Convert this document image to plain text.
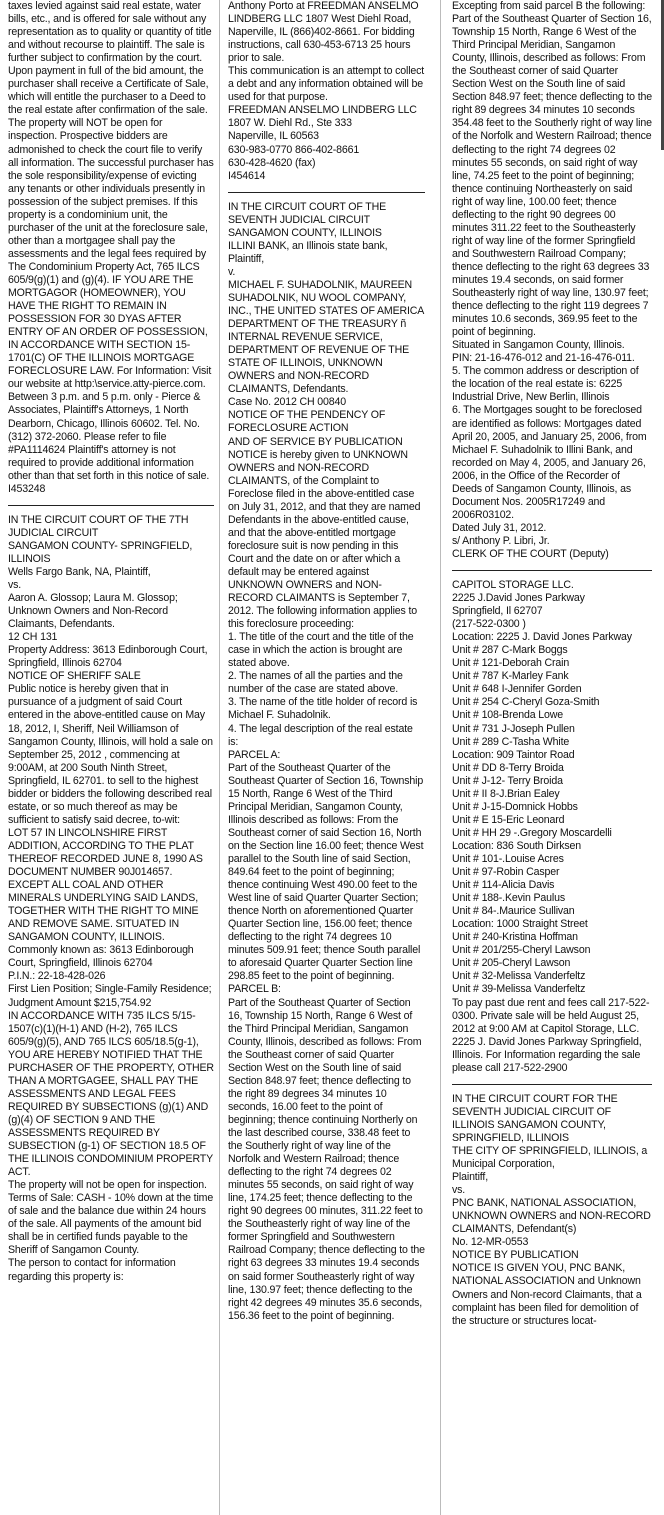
taxes levied against said real estate, water bills, etc., and is offered for sale without any representation as to quality or quantity of title and without recourse to plaintiff. The sale is further subject to confirmation by the court. Upon payment in full of the bid amount, the purchaser shall receive a Certificate of Sale, which will entitle the purchaser to a Deed to the real estate after confirmation of the sale. The property will NOT be open for inspection. Prospective bidders are admonished to check the court file to verify all information. The successful purchaser has the sole responsibility/expense of evicting any tenants or other individuals presently in possession of the subject premises. If this property is a condominium unit, the purchaser of the unit at the foreclosure sale, other than a mortgagee shall pay the assessments and the legal fees required by The Condominium Property Act, 765 ILCS 605/9(g)(1) and (g)(4). IF YOU ARE THE MORTGAGOR (HOMEOWNER), YOU HAVE THE RIGHT TO REMAIN IN POSSESSION FOR 30 DYAS AFTER ENTRY OF AN ORDER OF POSSESSION, IN ACCORDANCE WITH SECTION 15-1701(C) OF THE ILLINOIS MORTGAGE FORECLOSURE LAW. For Information: Visit our website at http:\service.atty-pierce.com. Between 3 p.m. and 5 p.m. only - Pierce & Associates, Plaintiff's Attorneys, 1 North Dearborn, Chicago, Illinois 60602. Tel. No. (312) 372-2060. Please refer to file #PA1114624 Plaintiff's attorney is not required to provide additional information other than that set forth in this notice of sale.

I453248

IN THE CIRCUIT COURT OF THE 7TH JUDICIAL CIRCUIT

SANGAMON COUNTY- SPRINGFIELD, ILLINOIS

Wells Fargo Bank, NA, Plaintiff,

vs.

Aaron A. Glossop; Laura M. Glossop; Unknown Owners and Non-Record Claimants, Defendants.

12 CH 131

Property Address: 3613 Edinborough Court, Springfield, Illinois 62704

NOTICE OF SHERIFF SALE

Public notice is hereby given that in pursuance of a judgment of said Court entered in the above-entitled cause on May 18, 2012, I, Sheriff, Neil Williamson of Sangamon County, Illinois, will hold a sale on September 25, 2012 , commencing at 9:00AM, at 200 South Ninth Street, Springfield, IL 62701. to sell to the highest bidder or bidders the following described real estate, or so much thereof as may be sufficient to satisfy said decree, to-wit:

LOT 57 IN LINCOLNSHIRE FIRST ADDITION, ACCORDING TO THE PLAT THEREOF RECORDED JUNE 8, 1990 AS DOCUMENT NUMBER 90J014657. EXCEPT ALL COAL AND OTHER MINERALS UNDERLYING SAID LANDS, TOGETHER WITH THE RIGHT TO MINE AND REMOVE SAME. SITUATED IN SANGAMON COUNTY, ILLINOIS.

Commonly known as: 3613 Edinborough Court, Springfield, Illinois 62704

P.I.N.: 22-18-428-026

First Lien Position; Single-Family Residence; Judgment Amount $215,754.92

IN ACCORDANCE WITH 735 ILCS 5/15-1507(c)(1)(H-1) AND (H-2), 765 ILCS 605/9(g)(5), AND 765 ILCS 605/18.5(g-1), YOU ARE HEREBY NOTIFIED THAT THE PURCHASER OF THE PROPERTY, OTHER THAN A MORTGAGEE, SHALL PAY THE ASSESSMENTS AND LEGAL FEES REQUIRED BY SUBSECTIONS (g)(1) AND (g)(4) OF SECTION 9 AND THE ASSESSMENTS REQUIRED BY SUBSECTION (g-1) OF SECTION 18.5 OF THE ILLINOIS CONDOMINIUM PROPERTY ACT.

The property will not be open for inspection.

Terms of Sale: CASH - 10% down at the time of sale and the balance due within 24 hours of the sale. All payments of the amount bid shall be in certified funds payable to the Sheriff of Sangamon County.

The person to contact for information regarding this property is:

Anthony Porto at FREEDMAN ANSELMO LINDBERG LLC 1807 West Diehl Road, Naperville, IL (866)402-8661. For bidding instructions, call 630-453-6713 25 hours prior to sale.

This communication is an attempt to collect a debt and any information obtained will be used for that purpose.

FREEDMAN ANSELMO LINDBERG LLC

1807 W. Diehl Rd., Ste 333

Naperville, IL 60563

630-983-0770 866-402-8661

630-428-4620 (fax)

I454614

IN THE CIRCUIT COURT OF THE SEVENTH JUDICIAL CIRCUIT

SANGAMON COUNTY, ILLINOIS

ILLINI BANK, an Illinois state bank, Plaintiff,

v.

MICHAEL F. SUHADOLNIK, MAUREEN SUHADOLNIK, NU WOOL COMPANY, INC., THE UNITED STATES OF AMERICA DEPARTMENT OF THE TREASURY ñ INTERNAL REVENUE SERVICE, DEPARTMENT OF REVENUE OF THE STATE OF ILLINOIS, UNKNOWN OWNERS and NON-RECORD CLAIMANTS, Defendants.

Case No. 2012 CH 00840

NOTICE OF THE PENDENCY OF FORECLOSURE ACTION

AND OF SERVICE BY PUBLICATION

NOTICE is hereby given to UNKNOWN OWNERS and NON-RECORD CLAIMANTS, of the Complaint to Foreclose filed in the above-entitled case on July 31, 2012, and that they are named Defendants in the above-entitled cause, and that the above-entitled mortgage foreclosure suit is now pending in this Court and the date on or after which a default may be entered against UNKNOWN OWNERS and NON-RECORD CLAIMANTS is September 7, 2012. The following information applies to this foreclosure proceeding:

1. The title of the court and the title of the case in which the action is brought are stated above.

2. The names of all the parties and the number of the case are stated above.

3. The name of the title holder of record is Michael F. Suhadolnik.

4. The legal description of the real estate is:

PARCEL A:

Part of the Southeast Quarter of the Southeast Quarter of Section 16, Township 15 North, Range 6 West of the Third Principal Meridian, Sangamon County, Illinois described as follows: From the Southeast corner of said Section 16, North on the Section line 16.00 feet; thence West parallel to the South line of said Section, 849.64 feet to the point of beginning; thence continuing West 490.00 feet to the West line of said Quarter Quarter Section; thence North on aforementioned Quarter Quarter Section line, 156.00 feet; thence deflecting to the right 74 degrees 10 minutes 509.91 feet; thence South parallel to aforesaid Quarter Quarter Section line 298.85 feet to the point of beginning.

PARCEL B:

Part of the Southeast Quarter of Section 16, Township 15 North, Range 6 West of the Third Principal Meridian, Sangamon County, Illinois, described as follows: From the Southeast corner of said Quarter Section West on the South line of said Section 848.97 feet; thence deflecting to the right 89 degrees 34 minutes 10 seconds, 16.00 feet to the point of beginning; thence continuing Northerly on the last described course, 338.48 feet to the Southerly right of way line of the Norfolk and Western Railroad; thence deflecting to the right 74 degrees 02 minutes 55 seconds, on said right of way line, 174.25 feet; thence deflecting to the right 90 degrees 00 minutes, 311.22 feet to the Southeasterly right of way line of the former Springfield and Southwestern Railroad Company; thence deflecting to the right 63 degrees 33 minutes 19.4 seconds on said former Southeasterly right of way line, 130.97 feet; thence deflecting to the right 42 degrees 49 minutes 35.6 seconds, 156.36 feet to the point of beginning.

Excepting from said parcel B the following: Part of the Southeast Quarter of Section 16, Township 15 North, Range 6 West of the Third Principal Meridian, Sangamon County, Illinois, described as follows: From the Southeast corner of said Quarter Section West on the South line of said Section 848.97 feet; thence deflecting to the right 89 degrees 34 minutes 10 seconds 354.48 feet to the Southerly right of way line of the Norfolk and Western Railroad; thence deflecting to the right 74 degrees 02 minutes 55 seconds, on said right of way line, 74.25 feet to the point of beginning; thence continuing Northeasterly on said right of way line, 100.00 feet; thence deflecting to the right 90 degrees 00 minutes 311.22 feet to the Southeasterly right of way line of the former Springfield and Southwestern Railroad Company; thence deflecting to the right 63 degrees 33 minutes 19.4 seconds, on said former Southeasterly right of way line, 130.97 feet; thence deflecting to the right 119 degrees 7 minutes 10.6 seconds, 369.95 feet to the point of beginning.

Situated in Sangamon County, Illinois.

PIN: 21-16-476-012 and 21-16-476-011.

5. The common address or description of the location of the real estate is: 6225 Industrial Drive, New Berlin, Illinois

6. The Mortgages sought to be foreclosed are identified as follows: Mortgages dated April 20, 2005, and January 25, 2006, from Michael F. Suhadolnik to Illini Bank, and recorded on May 4, 2005, and January 26, 2006, in the Office of the Recorder of Deeds of Sangamon County, Illinois, as Document Nos. 2005R17249 and 2006R03102.

Dated July 31, 2012.

s/ Anthony P. Libri, Jr.

CLERK OF THE COURT (Deputy)

CAPITOL STORAGE LLC.

2225 J.David Jones Parkway

Springfield, Il 62707

(217-522-0300 )

Location: 2225 J. David Jones Parkway

Unit # 287 C-Mark Boggs

Unit # 121-Deborah Crain

Unit # 787 K-Marley Fank

Unit # 648 I-Jennifer Gorden

Unit # 254 C-Cheryl Goza-Smith

Unit # 108-Brenda Lowe

Unit # 731 J-Joseph Pullen

Unit # 289 C-Tasha White

Location: 909 Taintor Road

Unit # DD 8-Terry Broida

Unit # J-12- Terry Broida

Unit # II 8-J.Brian Ealey

Unit # J-15-Domnick Hobbs

Unit # E 15-Eric Leonard

Unit # HH 29 -.Gregory Moscardelli

Location: 836 South Dirksen

Unit # 101-.Louise Acres

Unit # 97-Robin Casper

Unit # 114-Alicia Davis

Unit # 188-.Kevin Paulus

Unit # 84-.Maurice Sullivan

Location: 1000 Straight Street

Unit # 240-Kristina Hoffman

Unit # 201/255-Cheryl Lawson

Unit # 205-Cheryl Lawson

Unit # 32-Melissa Vanderfeltz

Unit # 39-Melissa Vanderfeltz

To pay past due rent and fees call 217-522-0300. Private sale will be held August 25, 2012 at 9:00 AM at Capitol Storage, LLC. 2225 J. David Jones Parkway Springfield, Illinois. For Information regarding the sale please call 217-522-2900

IN THE CIRCUIT COURT FOR THE SEVENTH JUDICIAL CIRCUIT OF ILLINOIS SANGAMON COUNTY, SPRINGFIELD, ILLINOIS

THE CITY OF SPRINGFIELD, ILLINOIS, a Municipal Corporation,

Plaintiff,

vs.

PNC BANK, NATIONAL ASSOCIATION, UNKNOWN OWNERS and NON-RECORD CLAIMANTS, Defendant(s)

No. 12-MR-0553

NOTICE BY PUBLICATION

NOTICE IS GIVEN YOU, PNC BANK, NATIONAL ASSOCIATION and Unknown Owners and Non-record Claimants, that a complaint has been filed for demolition of the structure or structures locat-
